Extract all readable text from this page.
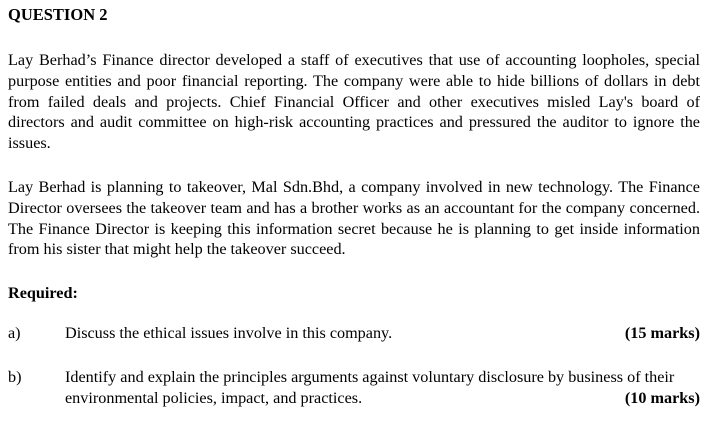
QUESTION 2

Lay Berhad’s Finance director developed a staff of executives that use of accounting loopholes, special purpose entities and poor financial reporting. The company were able to hide billions of dollars in debt from failed deals and projects. Chief Financial Officer and other executives misled Lay's board of directors and audit committee on high-risk accounting practices and pressured the auditor to ignore the issues.

Lay Berhad is planning to takeover, Mal Sdn.Bhd, a company involved in new technology. The Finance Director oversees the takeover team and has a brother works as an accountant for the company concerned. The Finance Director is keeping this information secret because he is planning to get inside information from his sister that might help the takeover succeed.

Required:

a)	Discuss the ethical issues involve in this company.	(15 marks)
b)	Identify and explain the principles arguments against voluntary disclosure by business of their environmental policies, impact, and practices.	(10 marks)
